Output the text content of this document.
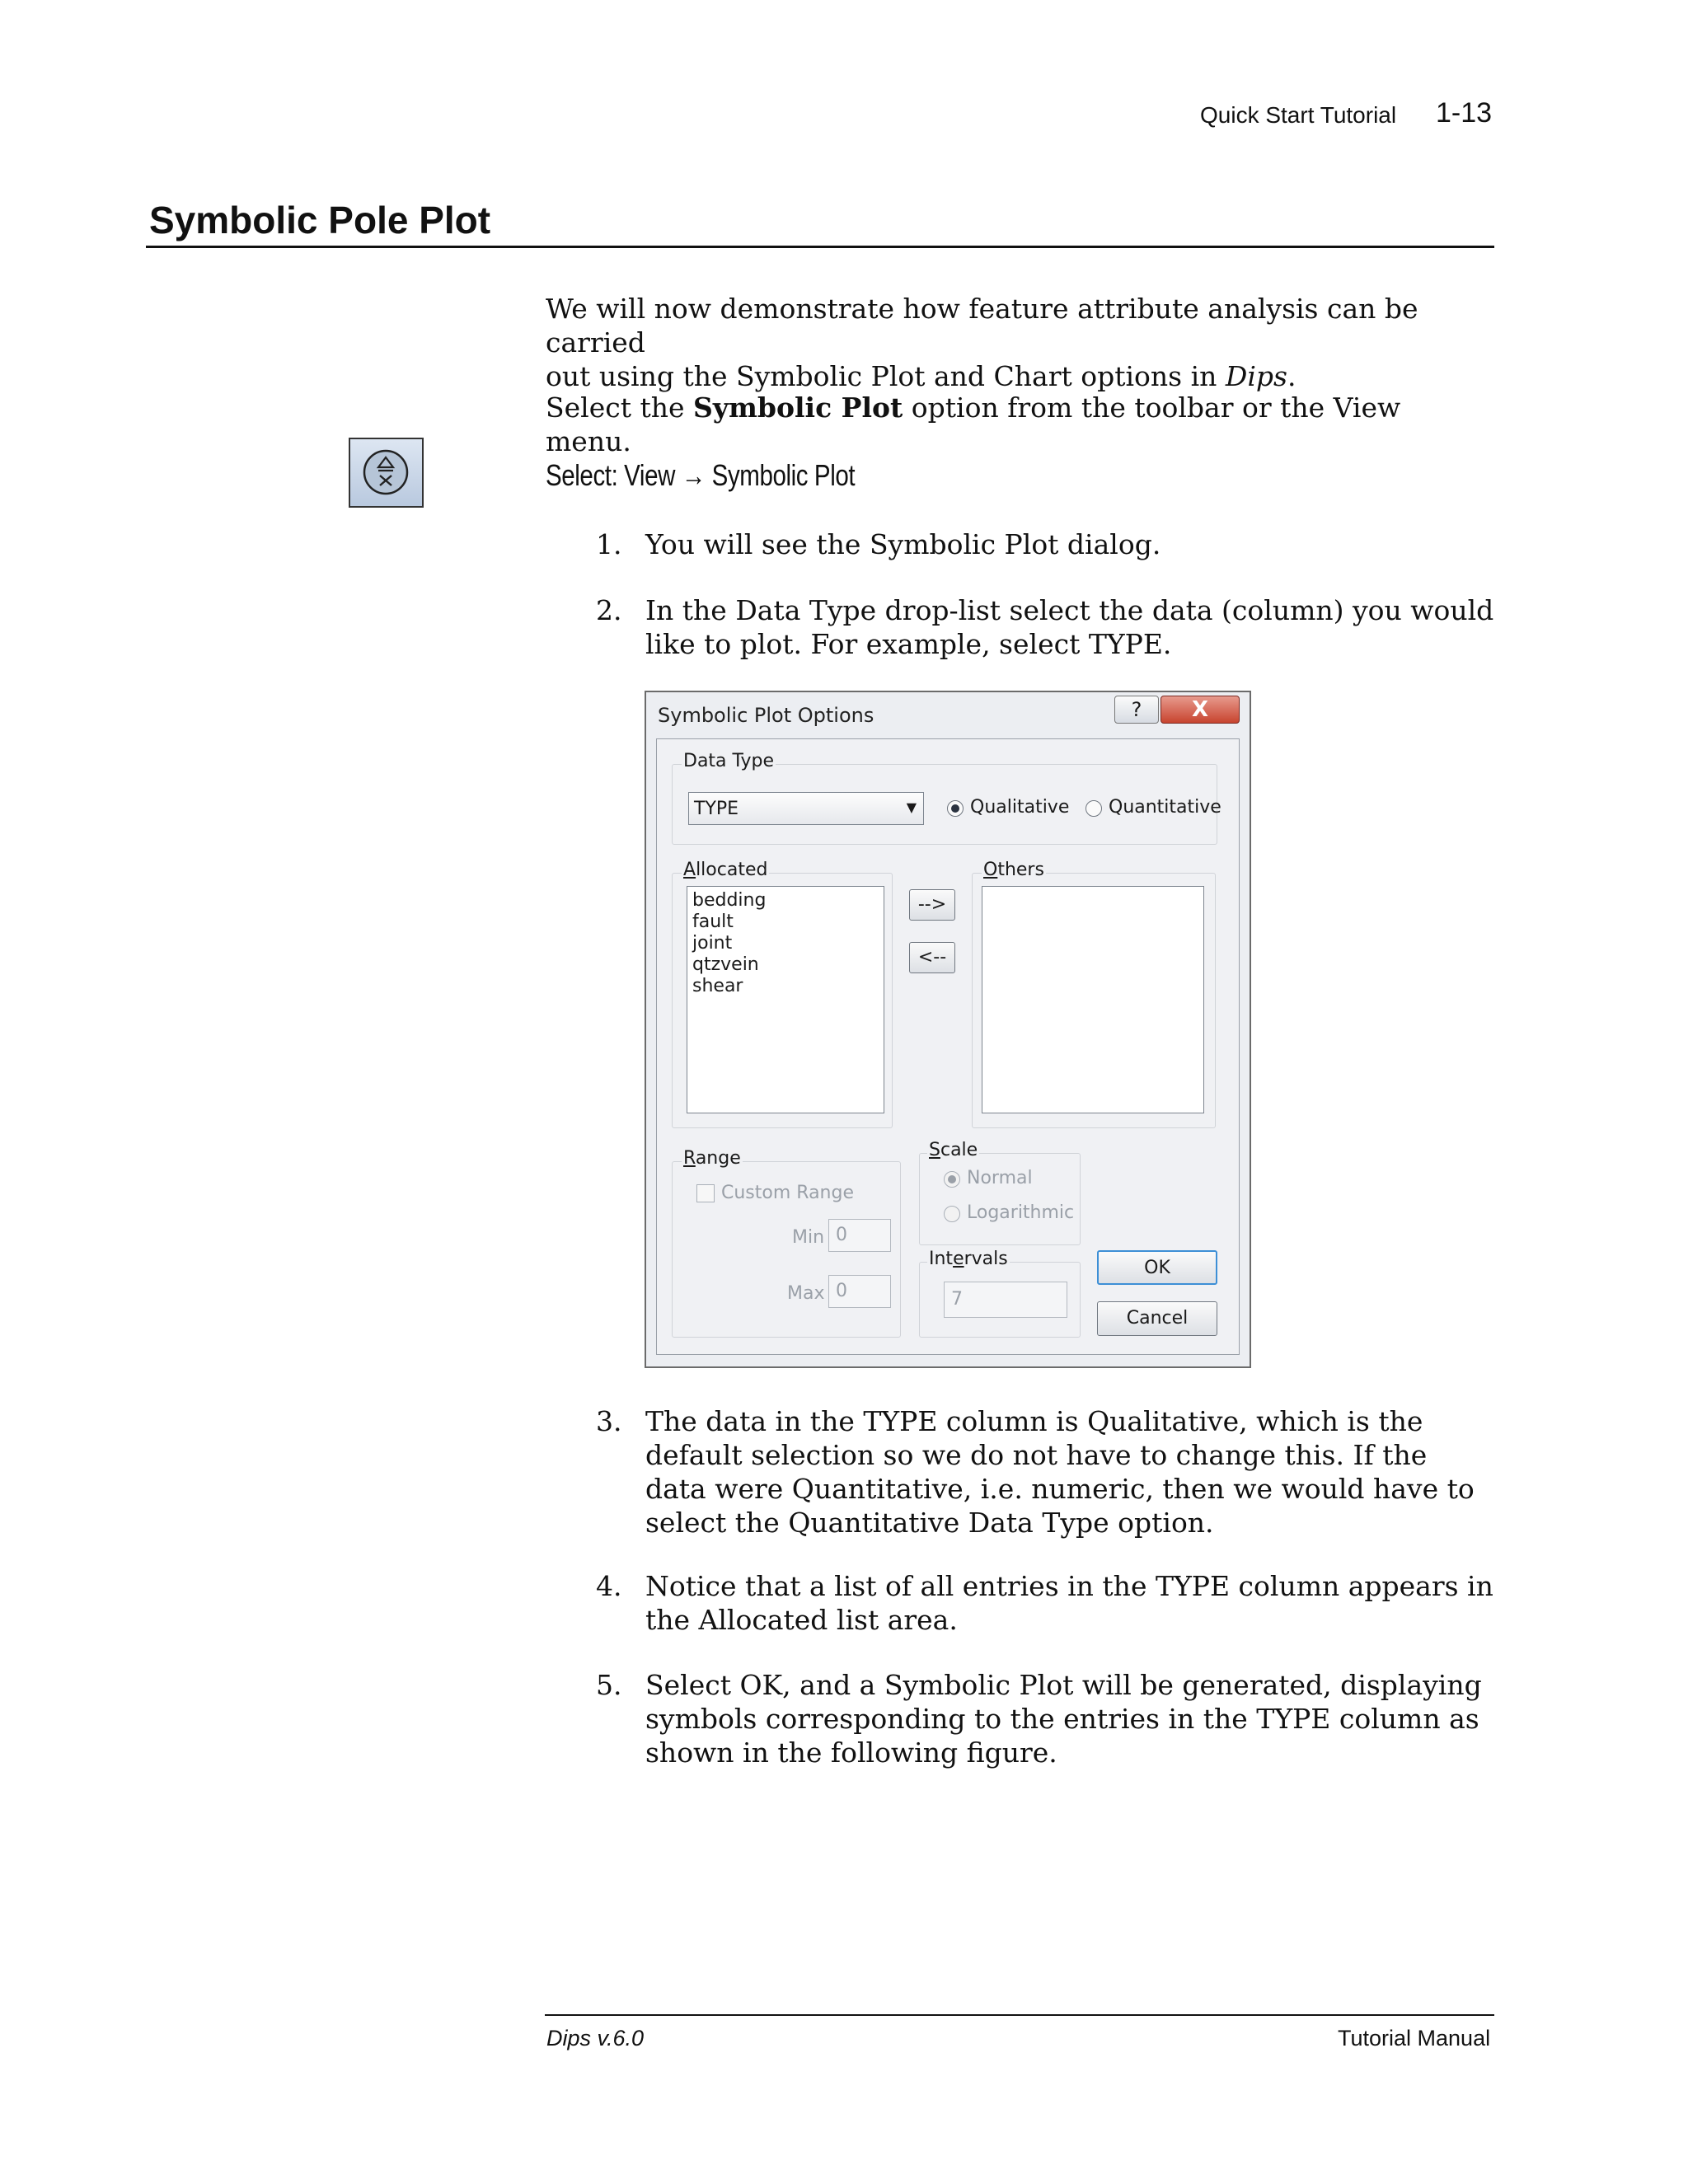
Quick Start Tutorial 1-13
Symbolic Pole Plot
We will now demonstrate how feature attribute analysis can be carried
out using the Symbolic Plot and Chart options in Dips.
Select the Symbolic Plot option from the toolbar or the View menu.
Select: View → Symbolic Plot
1. You will see the Symbolic Plot dialog.
2. In the Data Type drop-list select the data (column) you would like to plot. For example, select TYPE.
Symbolic Plot Options	?	X
Data Type
TYPE	▼	Qualitative Quantitative
Allocated
bedding
fault
joint
qtzvein
shear
-->
<--
Others
Range
Custom Range
Min 0
Max 0
Scale
Normal
Logarithmic
Intervals
7
OK
Cancel
3. The data in the TYPE column is Qualitative, which is the default selection so we do not have to change this. If the data were Quantitative, i.e. numeric, then we would have to select the Quantitative Data Type option.
4. Notice that a list of all entries in the TYPE column appears in the Allocated list area.
5. Select OK, and a Symbolic Plot will be generated, displaying symbols corresponding to the entries in the TYPE column as shown in the following figure.
Dips v.6.0	Tutorial Manual
